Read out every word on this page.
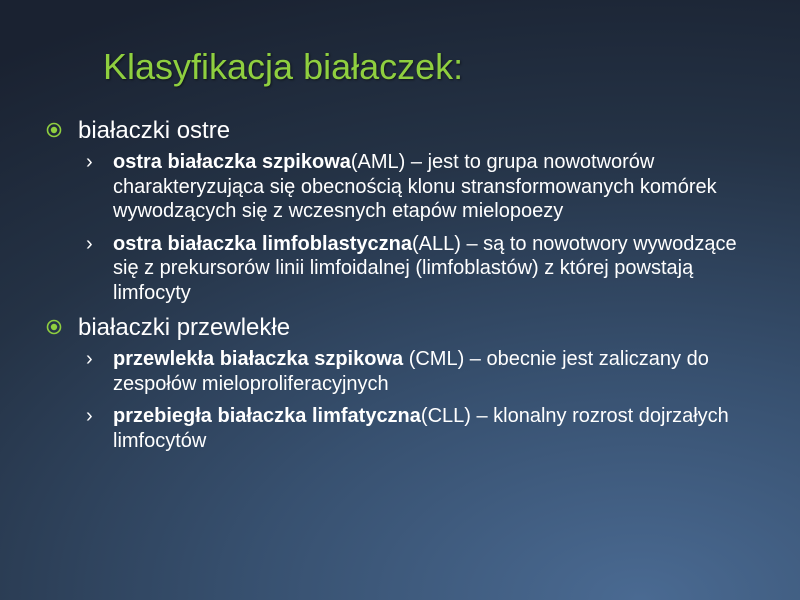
Klasyfikacja białaczek:
białaczki ostre
› ostra białaczka szpikowa(AML) – jest to grupa nowotworów charakteryzująca się obecnością klonu stransformowanych komórek wywodzących się z wczesnych etapów mielopoezy
› ostra białaczka limfoblastyczna(ALL) – są to nowotwory wywodzące się z prekursorów linii limfoidalnej (limfoblastów) z której powstają limfocyty
białaczki przewlekłe
› przewlekła białaczka szpikowa (CML) – obecnie jest zaliczany do zespołów mieloproliferacyjnych
› przebiegła białaczka limfatyczna(CLL) – klonalny rozrost dojrzałych limfocytów
